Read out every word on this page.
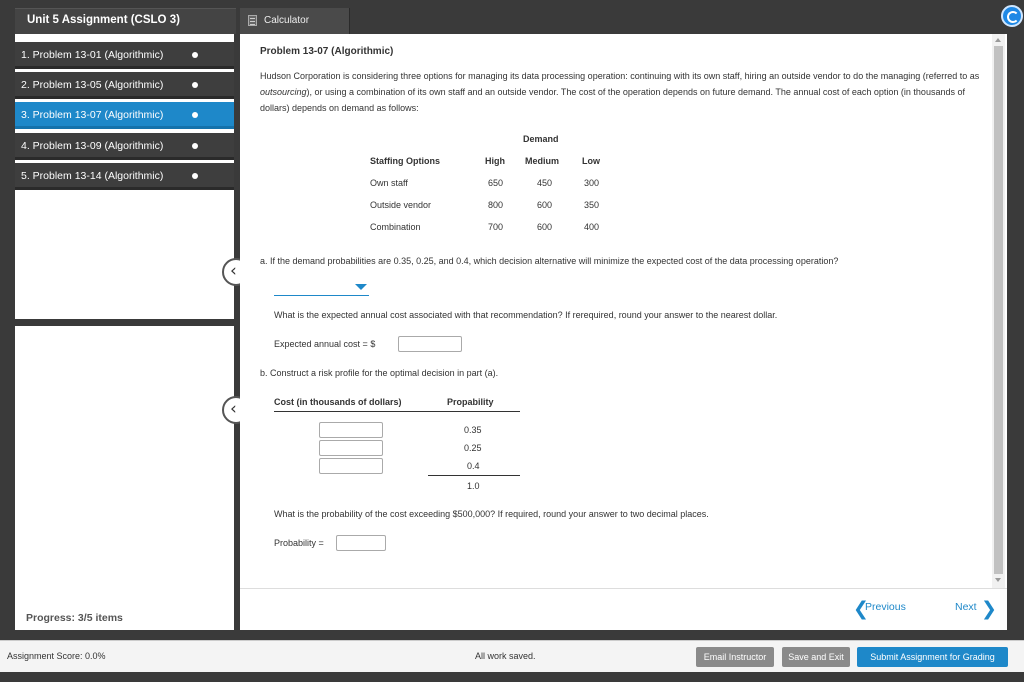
Unit 5 Assignment (CSLO 3)	Calculator
1. Problem 13-01 (Algorithmic)
2. Problem 13-05 (Algorithmic)
3. Problem 13-07 (Algorithmic)
4. Problem 13-09 (Algorithmic)
5. Problem 13-14 (Algorithmic)
Progress: 3/5 items
‹
‹
Problem 13-07 (Algorithmic)
Hudson Corporation is considering three options for managing its data processing operation: continuing with its own staff, hiring an outside vendor to do the managing (referred to as outsourcing), or using a combination of its own staff and an outside vendor. The cost of the operation depends on future demand. The annual cost of each option (in thousands of dollars) depends on demand as follows:
Demand
Staffing Options	High Medium	Low
Own staff	650	450	300
Outside vendor	800	600	350
Combination	700	600	400
a. If the demand probabilities are 0.35, 0.25, and 0.4, which decision alternative will minimize the expected cost of the data processing operation?
What is the expected annual cost associated with that recommendation? If rerequired, round your answer to the nearest dollar.
Expected annual cost = $
b. Construct a risk profile for the optimal decision in part (a).
Cost (in thousands of dollars)	Propability
0.35
0.25
0.4
1.0
What is the probability of the cost exceeding $500,000? If required, round your answer to two decimal places.
Probability =
❮
Previous	Next ❯
Assignment Score: 0.0%	All work saved.	Email Instructor	Save and Exit	Submit Assignment for Grading
